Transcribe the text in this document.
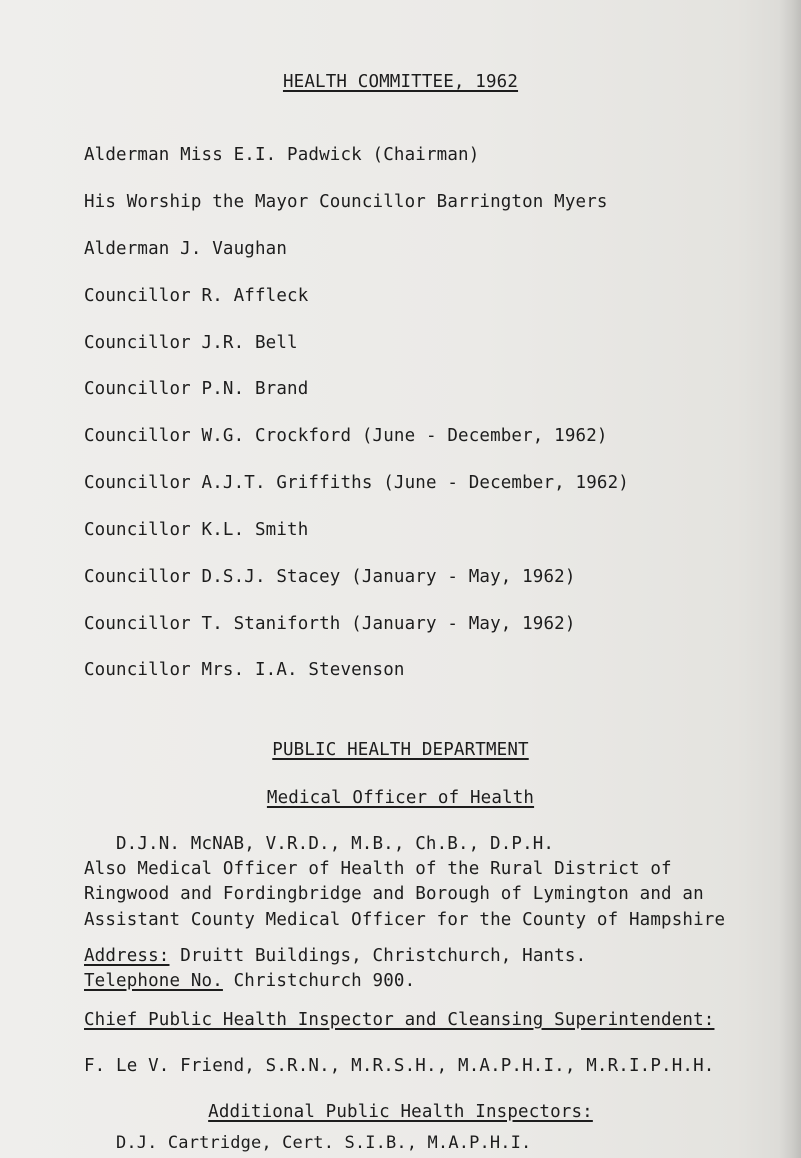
HEALTH COMMITTEE, 1962
Alderman Miss E.I. Padwick (Chairman)
His Worship the Mayor Councillor Barrington Myers
Alderman J. Vaughan
Councillor R. Affleck
Councillor J.R. Bell
Councillor P.N. Brand
Councillor W.G. Crockford (June - December, 1962)
Councillor A.J.T. Griffiths (June - December, 1962)
Councillor K.L. Smith
Councillor D.S.J. Stacey (January - May, 1962)
Councillor T. Staniforth (January - May, 1962)
Councillor Mrs. I.A. Stevenson
PUBLIC HEALTH DEPARTMENT
Medical Officer of Health
D.J.N. McNAB, V.R.D., M.B., Ch.B., D.P.H.
Also Medical Officer of Health of the Rural District of
Ringwood and Fordingbridge and Borough of Lymington and an
Assistant County Medical Officer for the County of Hampshire
Address: Druitt Buildings, Christchurch, Hants.
Telephone No. Christchurch 900.
Chief Public Health Inspector and Cleansing Superintendent:
F. Le V. Friend, S.R.N., M.R.S.H., M.A.P.H.I., M.R.I.P.H.H.
Additional Public Health Inspectors:
D.J. Cartridge, Cert. S.I.B., M.A.P.H.I.
